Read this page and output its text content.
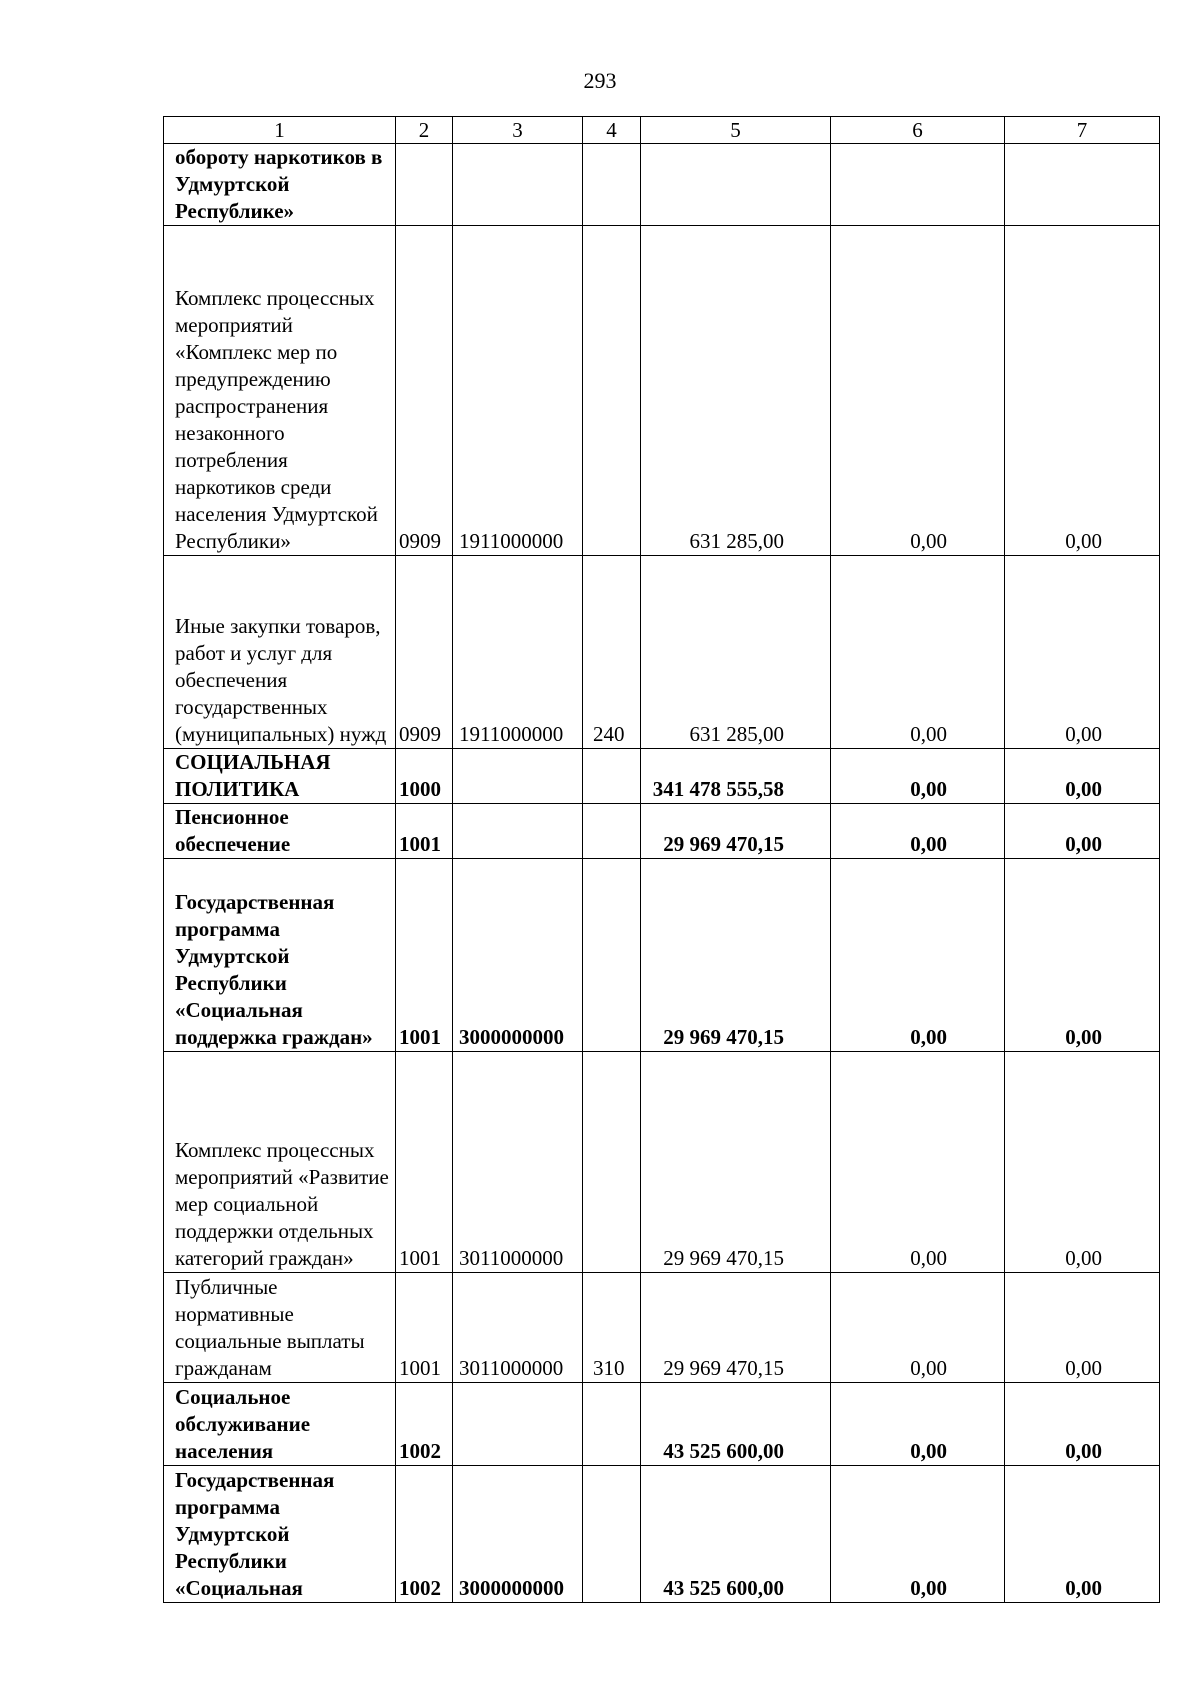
293
1	2	3	4	5	6	7
обороту наркотиков в Удмуртской Республике»						
Комплекс процессных мероприятий «Комплекс мер по предупреждению распространения незаконного потребления наркотиков среди населения Удмуртской Республики»	0909	1911000000		631 285,00	0,00	0,00
Иные закупки товаров, работ и услуг для обеспечения государственных (муниципальных) нужд	0909	1911000000	240	631 285,00	0,00	0,00
СОЦИАЛЬНАЯ ПОЛИТИКА	1000			341 478 555,58	0,00	0,00
Пенсионное обеспечение	1001			29 969 470,15	0,00	0,00
Государственная программа Удмуртской Республики «Социальная поддержка граждан»	1001	3000000000		29 969 470,15	0,00	0,00
Комплекс процессных мероприятий «Развитие мер социальной поддержки отдельных категорий граждан»	1001	3011000000		29 969 470,15	0,00	0,00
Публичные нормативные социальные выплаты гражданам	1001	3011000000	310	29 969 470,15	0,00	0,00
Социальное обслуживание населения	1002			43 525 600,00	0,00	0,00
Государственная программа Удмуртской Республики «Социальная	1002	3000000000		43 525 600,00	0,00	0,00
